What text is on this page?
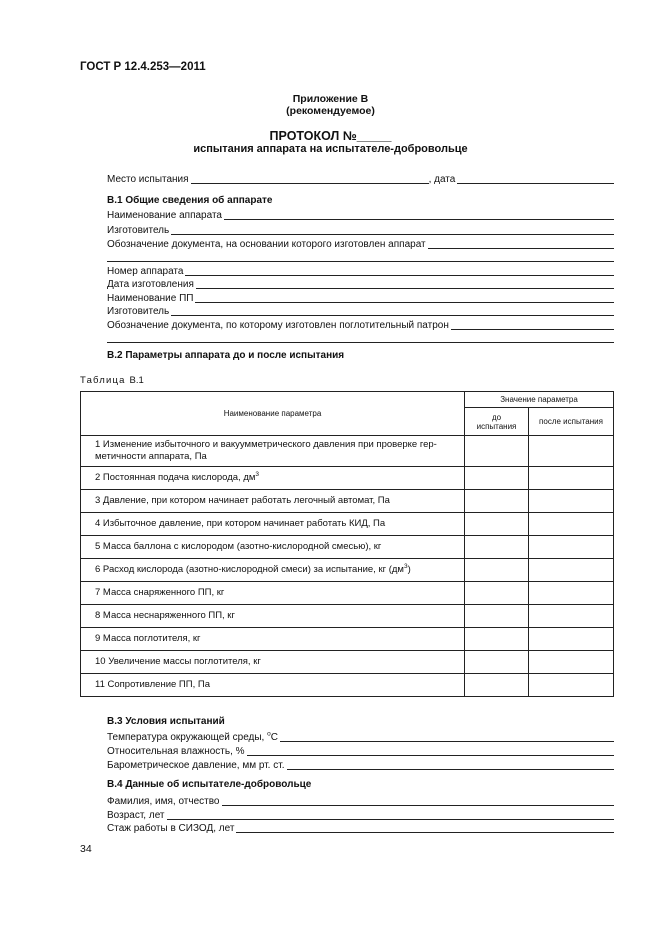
ГОСТ Р 12.4.253—2011
Приложение В
(рекомендуемое)
ПРОТОКОЛ №_____
испытания аппарата на испытателе-добровольце
Место испытания	, дата
В.1 Общие сведения об аппарате
Наименование аппарата
Изготовитель
Обозначение документа, на основании которого изготовлен аппарат
Номер аппарата
Дата изготовления
Наименование ПП
Изготовитель
Обозначение документа, по которому изготовлен поглотительный патрон
В.2 Параметры аппарата до и после испытания
Таблица В.1
Наименование параметра	Значение параметра	
	до испытания	после испытания
1 Изменение избыточного и вакуумметрического давления при проверке гер-
метичности аппарата, Па		
2 Постоянная подача кислорода, $дм^3$		
3 Давление, при котором начинает работать легочный автомат, Па		
4 Избыточное давление, при котором начинает работать КИД, Па		
5 Масса баллона с кислородом (азотно-кислородной смесью), кг		
6 Расход кислорода (азотно-кислородной смеси) за испытание, кг $(дм^3)$		
7 Масса снаряженного ПП, кг		
8 Масса неснаряженного ПП, кг		
9 Масса поглотителя, кг		
10 Увеличение массы поглотителя, кг		
11 Сопротивление ПП, Па		
В.3 Условия испытаний
Температура окружающей среды, $^о$С
Относительная влажность, %
Барометрическое давление, мм рт. ст.
В.4 Данные об испытателе-добровольце
Фамилия, имя, отчество
Возраст, лет
Стаж работы в СИЗОД, лет
34
